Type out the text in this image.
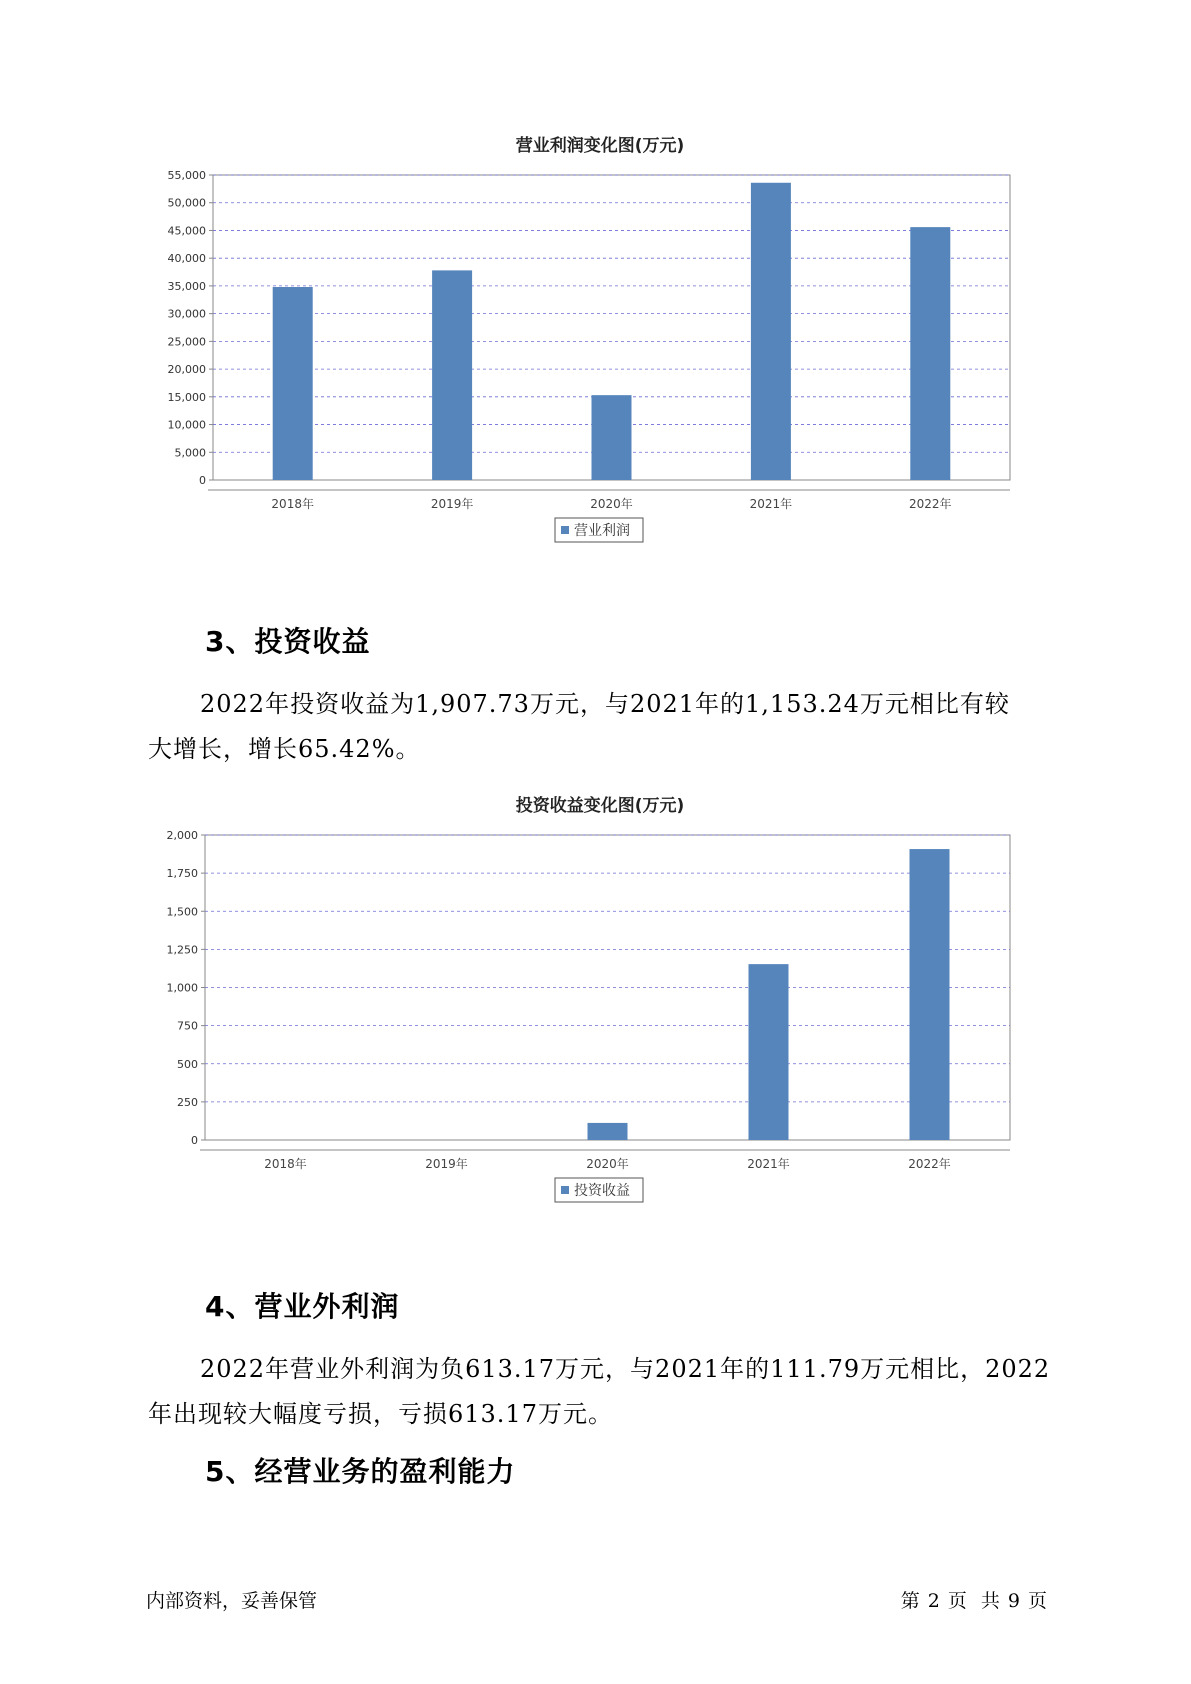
营业利润变化图(万元)
0
5,000
10,000
15,000
20,000
25,000
30,000
35,000
40,000
45,000
50,000
55,000
2018年	2019年	2020年	2021年	2022年
营业利润
3、投资收益

2022年投资收益为1,907.73万元，与2021年的1,153.24万元相比有较
大增长，增长65.42%。

投资收益变化图(万元)
0
250
500
750
1,000
1,250
1,500
1,750
2,000
2018年	2019年	2020年	2021年	2022年
投资收益
4、营业外利润

2022年营业外利润为负613.17万元，与2021年的111.79万元相比，2022
年出现较大幅度亏损，亏损613.17万元。

5、经营业务的盈利能力
内部资料，妥善保管	第 2 页 共 9 页
